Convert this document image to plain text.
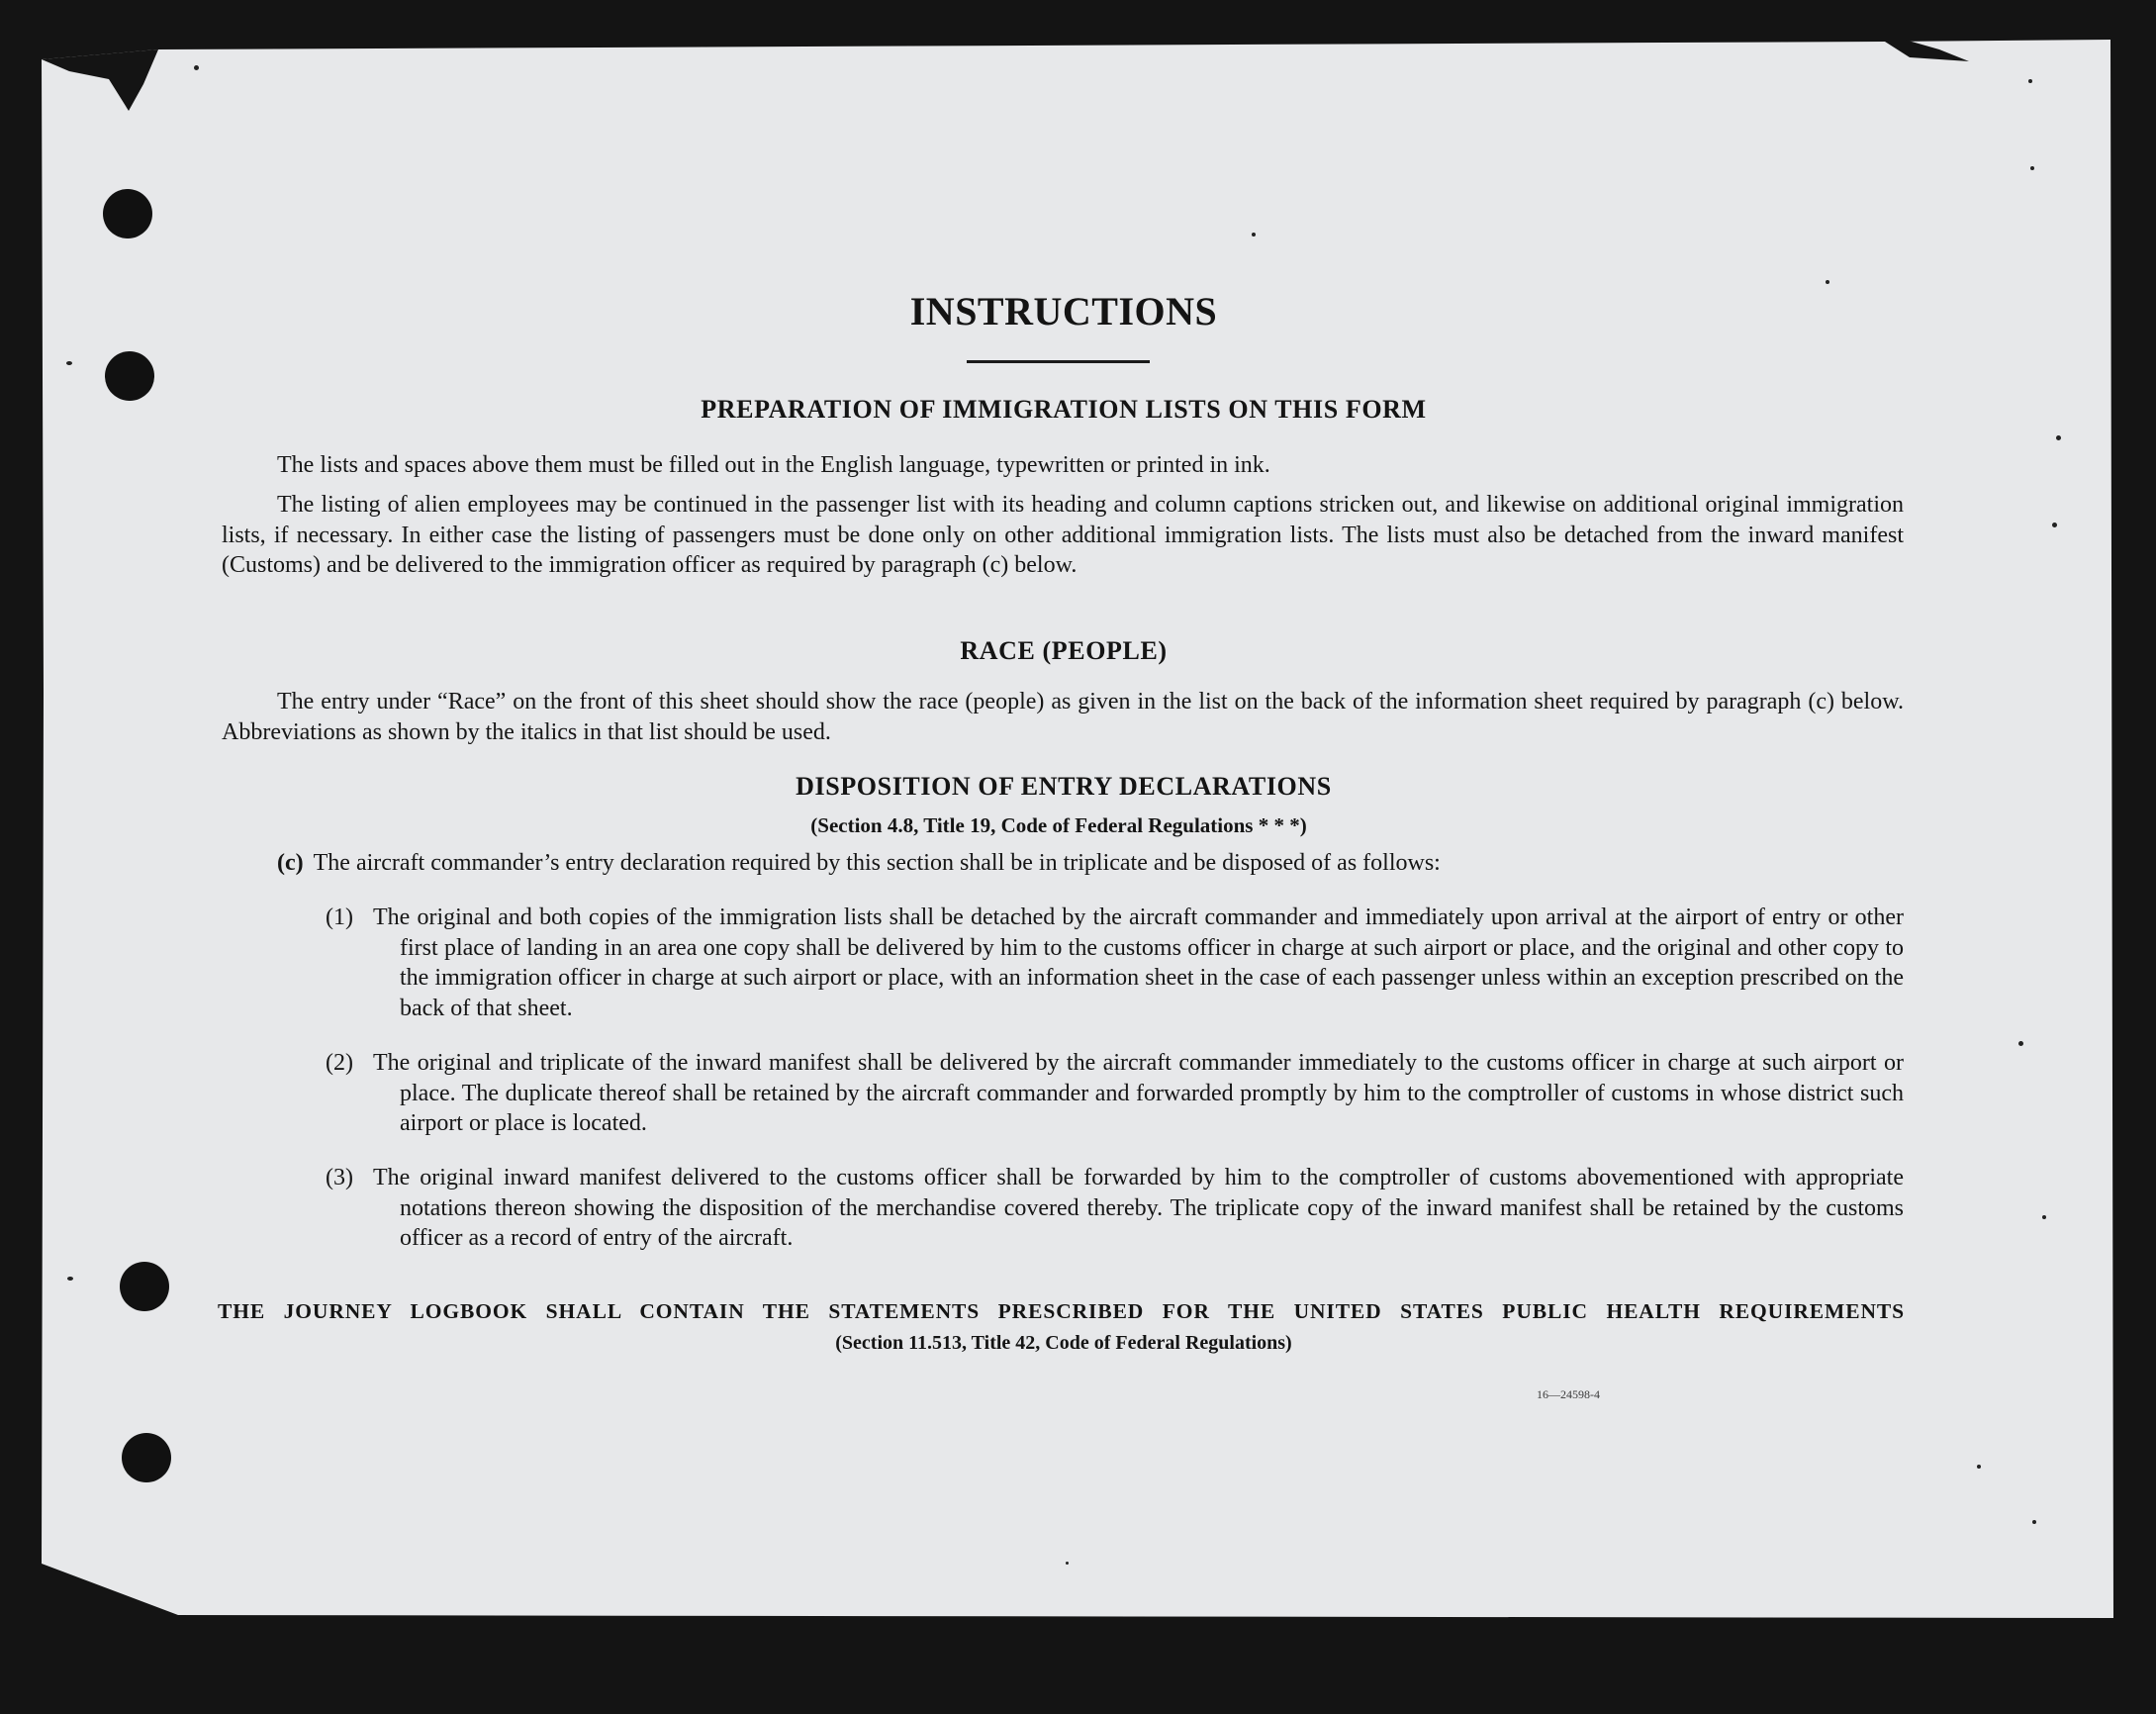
INSTRUCTIONS
PREPARATION OF IMMIGRATION LISTS ON THIS FORM

The lists and spaces above them must be filled out in the English language, typewritten or printed in ink.

The listing of alien employees may be continued in the passenger list with its heading and column captions stricken out, and likewise on additional original immigration lists, if necessary. In either case the listing of passengers must be done only on other additional immigration lists. The lists must also be detached from the inward manifest (Customs) and be delivered to the immigration officer as required by paragraph (c) below.

RACE (PEOPLE)

The entry under “Race” on the front of this sheet should show the race (people) as given in the list on the back of the information sheet required by paragraph (c) below. Abbreviations as shown by the italics in that list should be used.

DISPOSITION OF ENTRY DECLARATIONS
(Section 4.8, Title 19, Code of Federal Regulations * * *)

(c) The aircraft commander’s entry declaration required by this section shall be in triplicate and be disposed of as follows:

(1) The original and both copies of the immigration lists shall be detached by the aircraft commander and immediately upon arrival at the airport of entry or other first place of landing in an area one copy shall be delivered by him to the customs officer in charge at such airport or place, and the original and other copy to the immigration officer in charge at such airport or place, with an information sheet in the case of each passenger unless within an exception prescribed on the back of that sheet.

(2) The original and triplicate of the inward manifest shall be delivered by the aircraft commander immediately to the customs officer in charge at such airport or place. The duplicate thereof shall be retained by the aircraft commander and forwarded promptly by him to the comptroller of customs in whose district such airport or place is located.

(3) The original inward manifest delivered to the customs officer shall be forwarded by him to the comptroller of customs abovementioned with appropriate notations thereon showing the disposition of the merchandise covered thereby. The triplicate copy of the inward manifest shall be retained by the customs officer as a record of entry of the aircraft.

THE JOURNEY LOGBOOK SHALL CONTAIN THE STATEMENTS PRESCRIBED FOR THE UNITED STATES PUBLIC HEALTH REQUIREMENTS

(Section 11.513, Title 42, Code of Federal Regulations)
16—24598-4
